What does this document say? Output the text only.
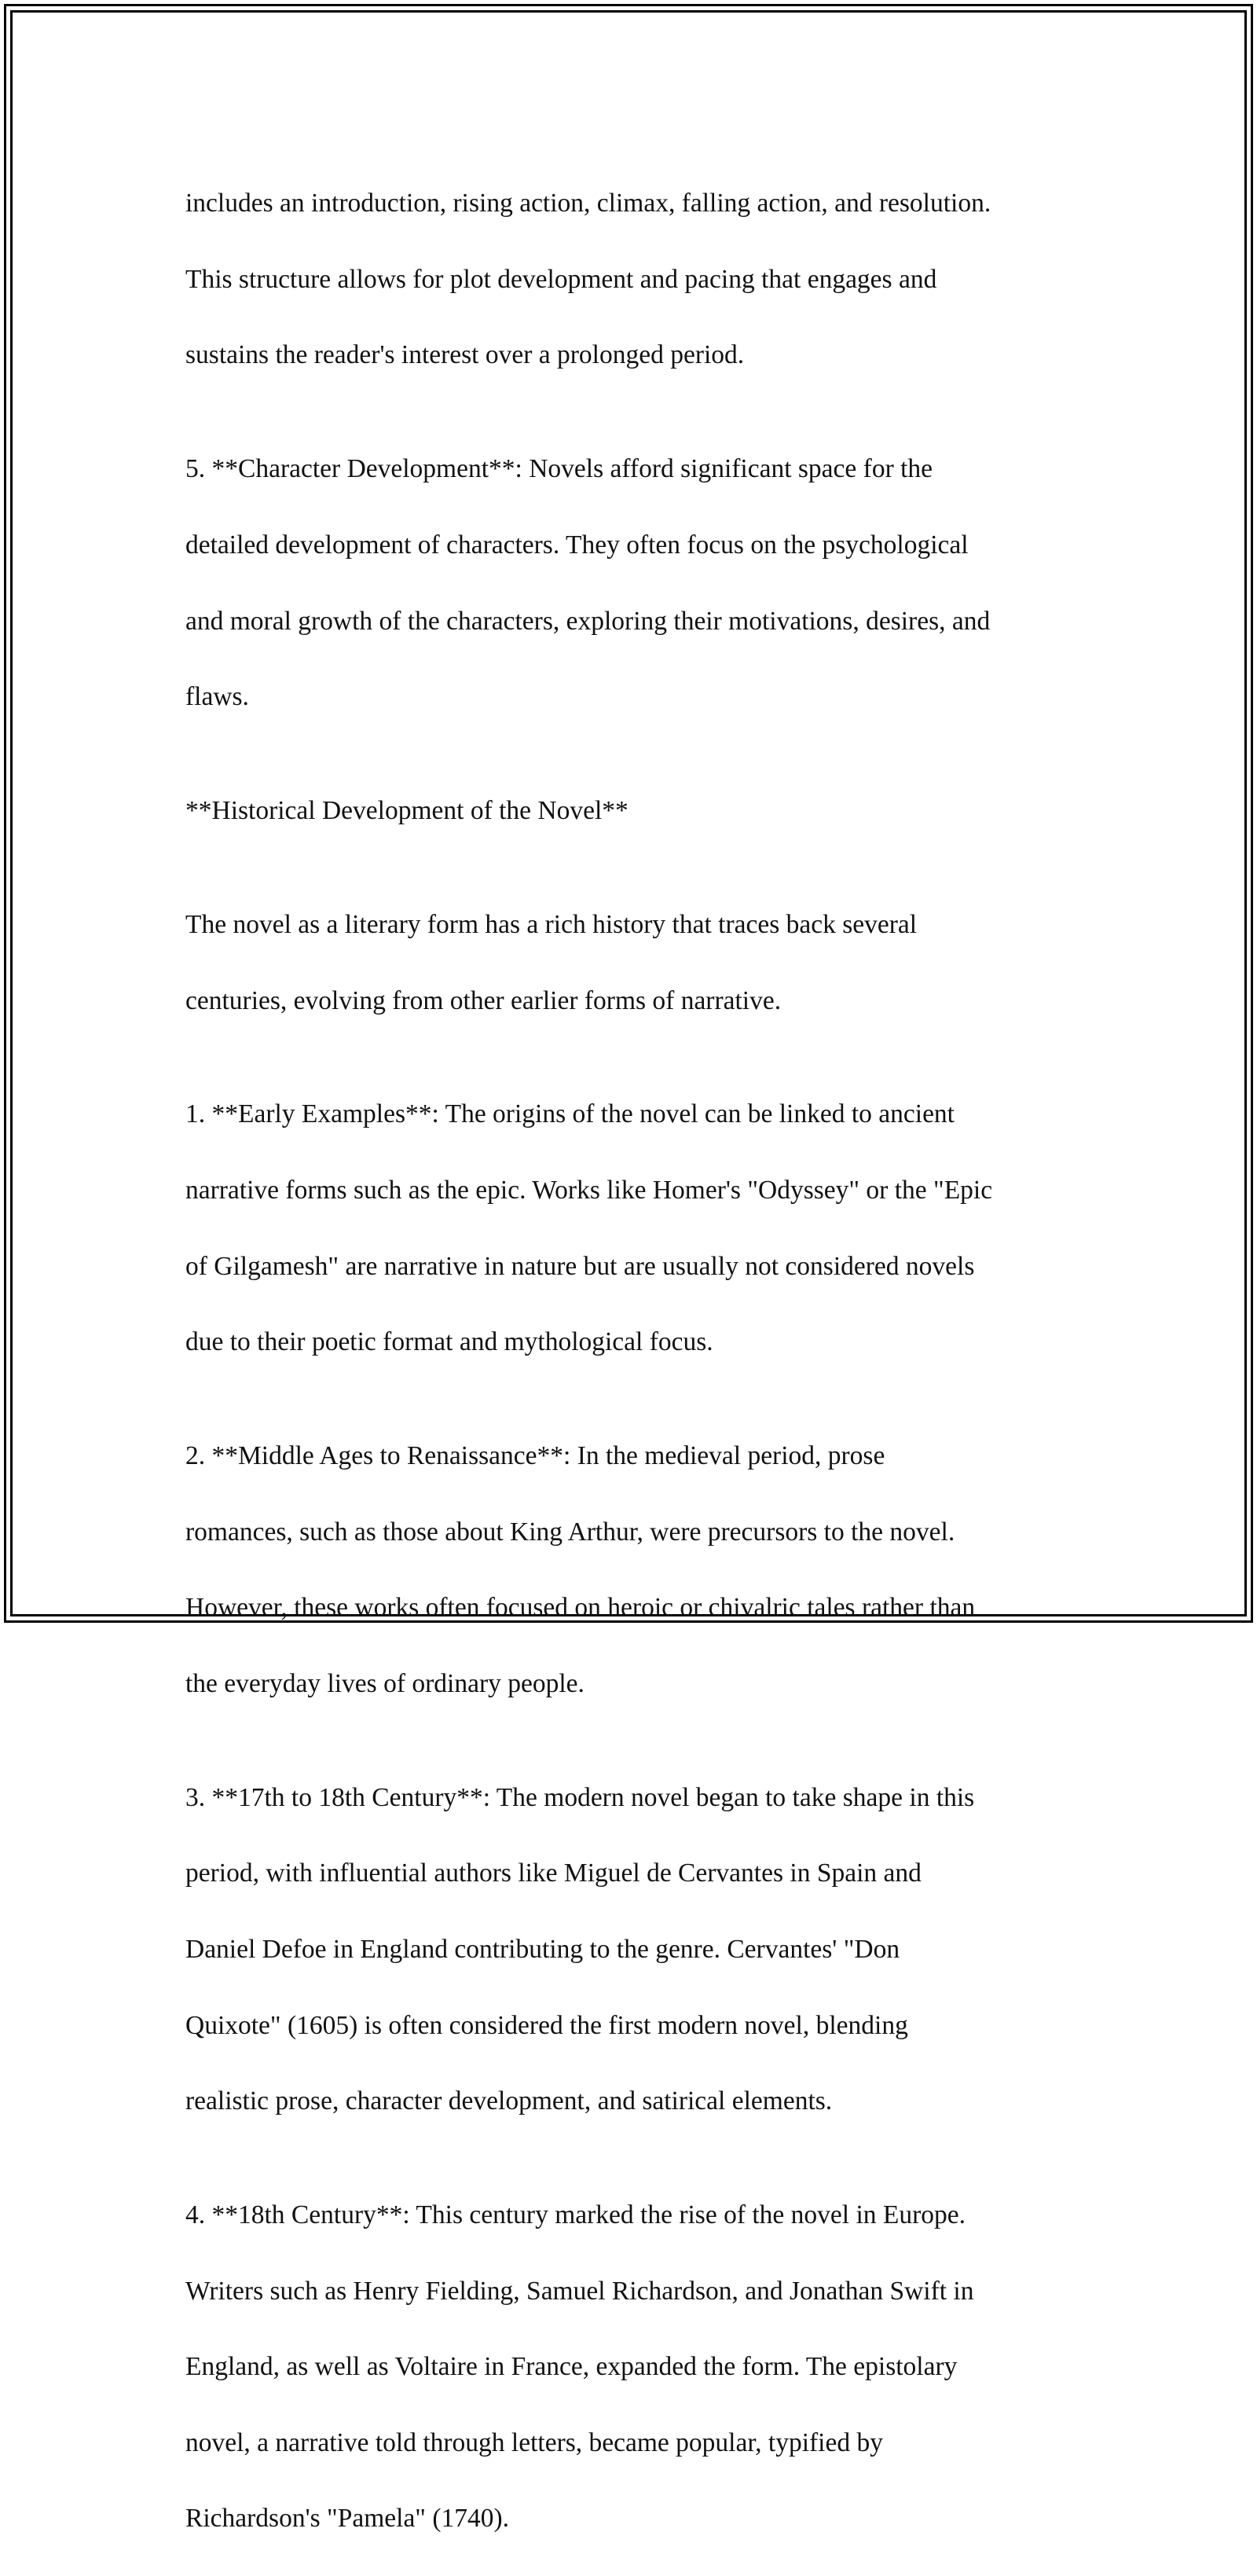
includes an introduction, rising action, climax, falling action, and resolution.

This structure allows for plot development and pacing that engages and

sustains the reader's interest over a prolonged period.

5. **Character Development**: Novels afford significant space for the

detailed development of characters. They often focus on the psychological

and moral growth of the characters, exploring their motivations, desires, and

flaws.

**Historical Development of the Novel**

The novel as a literary form has a rich history that traces back several

centuries, evolving from other earlier forms of narrative.

1. **Early Examples**: The origins of the novel can be linked to ancient

narrative forms such as the epic. Works like Homer's "Odyssey" or the "Epic

of Gilgamesh" are narrative in nature but are usually not considered novels

due to their poetic format and mythological focus.

2. **Middle Ages to Renaissance**: In the medieval period, prose

romances, such as those about King Arthur, were precursors to the novel.

However, these works often focused on heroic or chivalric tales rather than

the everyday lives of ordinary people.

3. **17th to 18th Century**: The modern novel began to take shape in this

period, with influential authors like Miguel de Cervantes in Spain and

Daniel Defoe in England contributing to the genre. Cervantes' "Don

Quixote" (1605) is often considered the first modern novel, blending

realistic prose, character development, and satirical elements.

4. **18th Century**: This century marked the rise of the novel in Europe.

Writers such as Henry Fielding, Samuel Richardson, and Jonathan Swift in

England, as well as Voltaire in France, expanded the form. The epistolary

novel, a narrative told through letters, became popular, typified by

Richardson's "Pamela" (1740).
